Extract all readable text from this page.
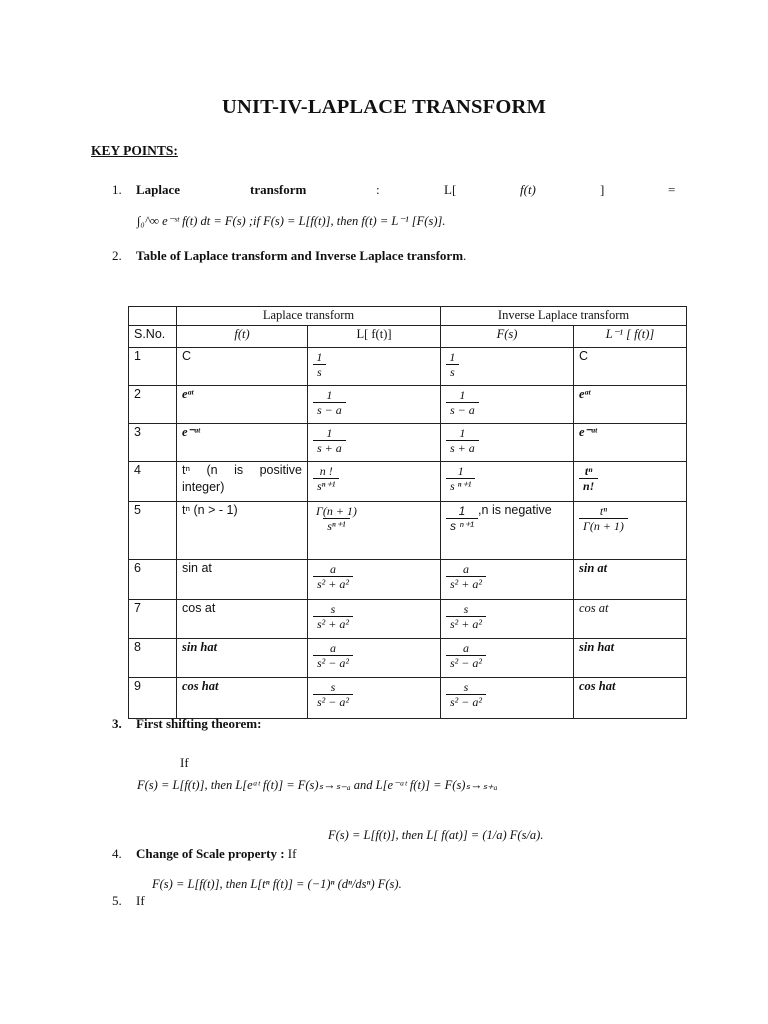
UNIT-IV-LAPLACE TRANSFORM
KEY POINTS:
1. Laplace	transform	:	L[	f(t)	]	=
∫₀^∞ e⁻ˢᵗ f(t) dt = F(s) ;if F(s) = L[f(t)], then f(t) = L⁻¹ [F(s)].
2. Table of Laplace transform and Inverse Laplace transform.
	Laplace transform		Inverse Laplace transform	
S.No.	f(t)	L[ f(t)]	F(s)	L⁻¹ [ f(t)]
1	C	$\frac{1}{s}$	$\frac{1}{s}$	C
2	eᵃᵗ	$\frac{1}{s - a}$	$\frac{1}{s - a}$	eᵃᵗ
3	e⁻ᵃᵗ	$\frac{1}{s + a}$	$\frac{1}{s + a}$	e⁻ᵃᵗ
4	tⁿ (n is positive integer)	$\frac{n !}{\text{sⁿ⁺¹}}$	$\frac{1}{\text{s ⁿ⁺¹}}$	$\frac{\text{tⁿ}}{n!}$

5	tⁿ (n > - 1)	$\frac{\Gamma(n + 1)}{\text{sⁿ⁺¹}}$	$\frac{1}{\text{s ⁿ⁺¹}} ,n$ is negative	$\frac{\text{tⁿ}}{\Gamma(n + 1)}$

6	sin at	$\frac{a}{\text{s² + a²}}$	$\frac{a}{\text{s² + a²}}$	sin at
7	cos at	$\frac{s}{\text{s² + a²}}$	$\frac{s}{\text{s² + a²}}$	cos at
8	sin hat	$\frac{a}{\text{s² − a²}}$	$\frac{a}{\text{s² − a²}}$	sin hat
9	cos hat	$\frac{s}{\text{s² − a²}}$	$\frac{s}{\text{s² − a²}}$	cos hat
3. First shifting theorem:
If
F(s) = L[f(t)], then L[eᵃᵗ f(t)] = F(s)ₛ→ₛ₋ₐ and L[e⁻ᵃᵗ f(t)] = F(s)ₛ→ₛ₊ₐ
F(s) = L[f(t)], then L[ f(at)] = (1/a) F(s/a).
4. Change of Scale property : If
F(s) = L[f(t)], then L[tⁿ f(t)] = (−1)ⁿ (dⁿ/dsⁿ) F(s).
5. If
